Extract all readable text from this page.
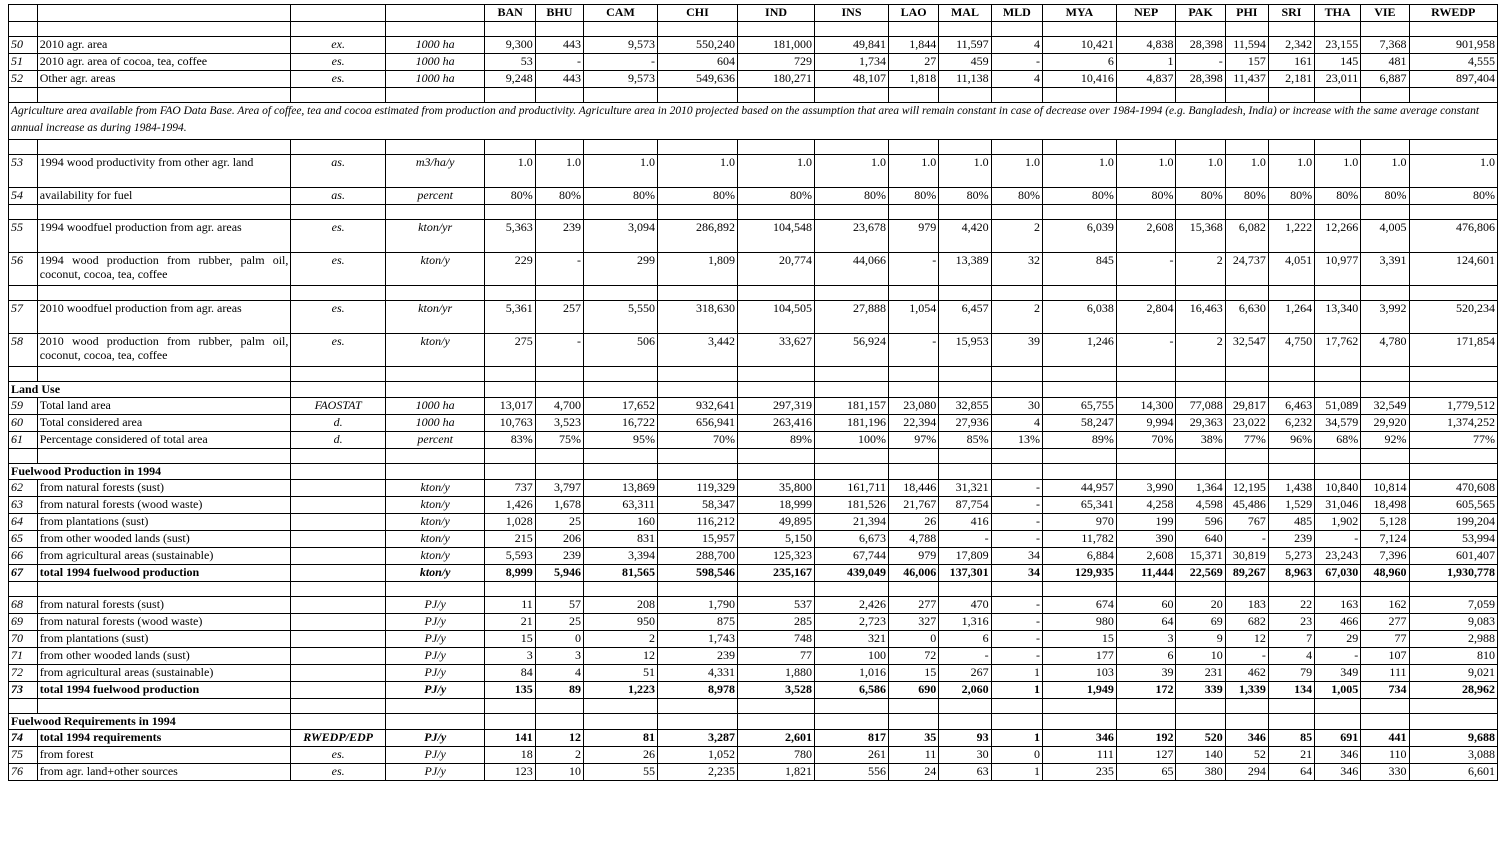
				BAN	BHU	CAM	CHI	IND	INS	LAO	MAL	MLD	MYA	NEP	PAK	PHI	SRI	THA	VIE	RWEDP

50	2010 agr. area	ex.	1000 ha	9,300	443	9,573	550,240	181,000	49,841	1,844	11,597	4	10,421	4,838	28,398	11,594	2,342	23,155	7,368	901,958
51	2010 agr. area of cocoa, tea, coffee	es.	1000 ha	53	-	-	604	729	1,734	27	459	-	6	1	-	157	161	145	481	4,555
52	Other agr. areas	es.	1000 ha	9,248	443	9,573	549,636	180,271	48,107	1,818	11,138	4	10,416	4,837	28,398	11,437	2,181	23,011	6,887	897,404

Agriculture area available from FAO Data Base. Area of coffee, tea and cocoa estimated from production and productivity. Agriculture area in 2010 projected based on the assumption that area will remain constant in case of decrease over 1984-1994 (e.g. Bangladesh, India) or increase with the same average constant annual increase as during 1984-1994.																				

53	1994 wood productivity from other agr. land	as.	m3/ha/y	1.0	1.0	1.0	1.0	1.0	1.0	1.0	1.0	1.0	1.0	1.0	1.0	1.0	1.0	1.0	1.0	1.0
54	availability for fuel	as.	percent	80%	80%	80%	80%	80%	80%	80%	80%	80%	80%	80%	80%	80%	80%	80%	80%	80%

55	1994 woodfuel production from agr. areas	es.	kton/yr	5,363	239	3,094	286,892	104,548	23,678	979	4,420	2	6,039	2,608	15,368	6,082	1,222	12,266	4,005	476,806
56	1994 wood production from rubber, palm oil, coconut, cocoa, tea, coffee	es.	kton/y	229	-	299	1,809	20,774	44,066	-	13,389	32	845	-	2	24,737	4,051	10,977	3,391	124,601

57	2010 woodfuel production from agr. areas	es.	kton/yr	5,361	257	5,550	318,630	104,505	27,888	1,054	6,457	2	6,038	2,804	16,463	6,630	1,264	13,340	3,992	520,234
58	2010 wood production from rubber, palm oil, coconut, cocoa, tea, coffee	es.	kton/y	275	-	506	3,442	33,627	56,924	-	15,953	39	1,246	-	2	32,547	4,750	17,762	4,780	171,854

Land Use																				
59	Total land area	FAOSTAT	1000 ha	13,017	4,700	17,652	932,641	297,319	181,157	23,080	32,855	30	65,755	14,300	77,088	29,817	6,463	51,089	32,549	1,779,512
60	Total considered area	d.	1000 ha	10,763	3,523	16,722	656,941	263,416	181,196	22,394	27,936	4	58,247	9,994	29,363	23,022	6,232	34,579	29,920	1,374,252
61	Percentage considered of total area	d.	percent	83%	75%	95%	70%	89%	100%	97%	85%	13%	89%	70%	38%	77%	96%	68%	92%	77%

Fuelwood Production in 1994																				
62	from natural forests (sust)		kton/y	737	3,797	13,869	119,329	35,800	161,711	18,446	31,321	-	44,957	3,990	1,364	12,195	1,438	10,840	10,814	470,608
63	from natural forests (wood waste)		kton/y	1,426	1,678	63,311	58,347	18,999	181,526	21,767	87,754	-	65,341	4,258	4,598	45,486	1,529	31,046	18,498	605,565
64	from plantations (sust)		kton/y	1,028	25	160	116,212	49,895	21,394	26	416	-	970	199	596	767	485	1,902	5,128	199,204
65	from other wooded lands (sust)		kton/y	215	206	831	15,957	5,150	6,673	4,788	-	-	11,782	390	640	-	239	-	7,124	53,994
66	from agricultural areas (sustainable)		kton/y	5,593	239	3,394	288,700	125,323	67,744	979	17,809	34	6,884	2,608	15,371	30,819	5,273	23,243	7,396	601,407
67	total 1994 fuelwood production		kton/y	8,999	5,946	81,565	598,546	235,167	439,049	46,006	137,301	34	129,935	11,444	22,569	89,267	8,963	67,030	48,960	1,930,778

68	from natural forests (sust)		PJ/y	11	57	208	1,790	537	2,426	277	470	-	674	60	20	183	22	163	162	7,059
69	from natural forests (wood waste)		PJ/y	21	25	950	875	285	2,723	327	1,316	-	980	64	69	682	23	466	277	9,083
70	from plantations (sust)		PJ/y	15	0	2	1,743	748	321	0	6	-	15	3	9	12	7	29	77	2,988
71	from other wooded lands (sust)		PJ/y	3	3	12	239	77	100	72	-	-	177	6	10	-	4	-	107	810
72	from agricultural areas (sustainable)		PJ/y	84	4	51	4,331	1,880	1,016	15	267	1	103	39	231	462	79	349	111	9,021
73	total 1994 fuelwood production		PJ/y	135	89	1,223	8,978	3,528	6,586	690	2,060	1	1,949	172	339	1,339	134	1,005	734	28,962

Fuelwood Requirements in 1994																				
74	total 1994 requirements	RWEDP/EDP	PJ/y	141	12	81	3,287	2,601	817	35	93	1	346	192	520	346	85	691	441	9,688
75	from forest	es.	PJ/y	18	2	26	1,052	780	261	11	30	0	111	127	140	52	21	346	110	3,088
76	from agr. land+other sources	es.	PJ/y	123	10	55	2,235	1,821	556	24	63	1	235	65	380	294	64	346	330	6,601
